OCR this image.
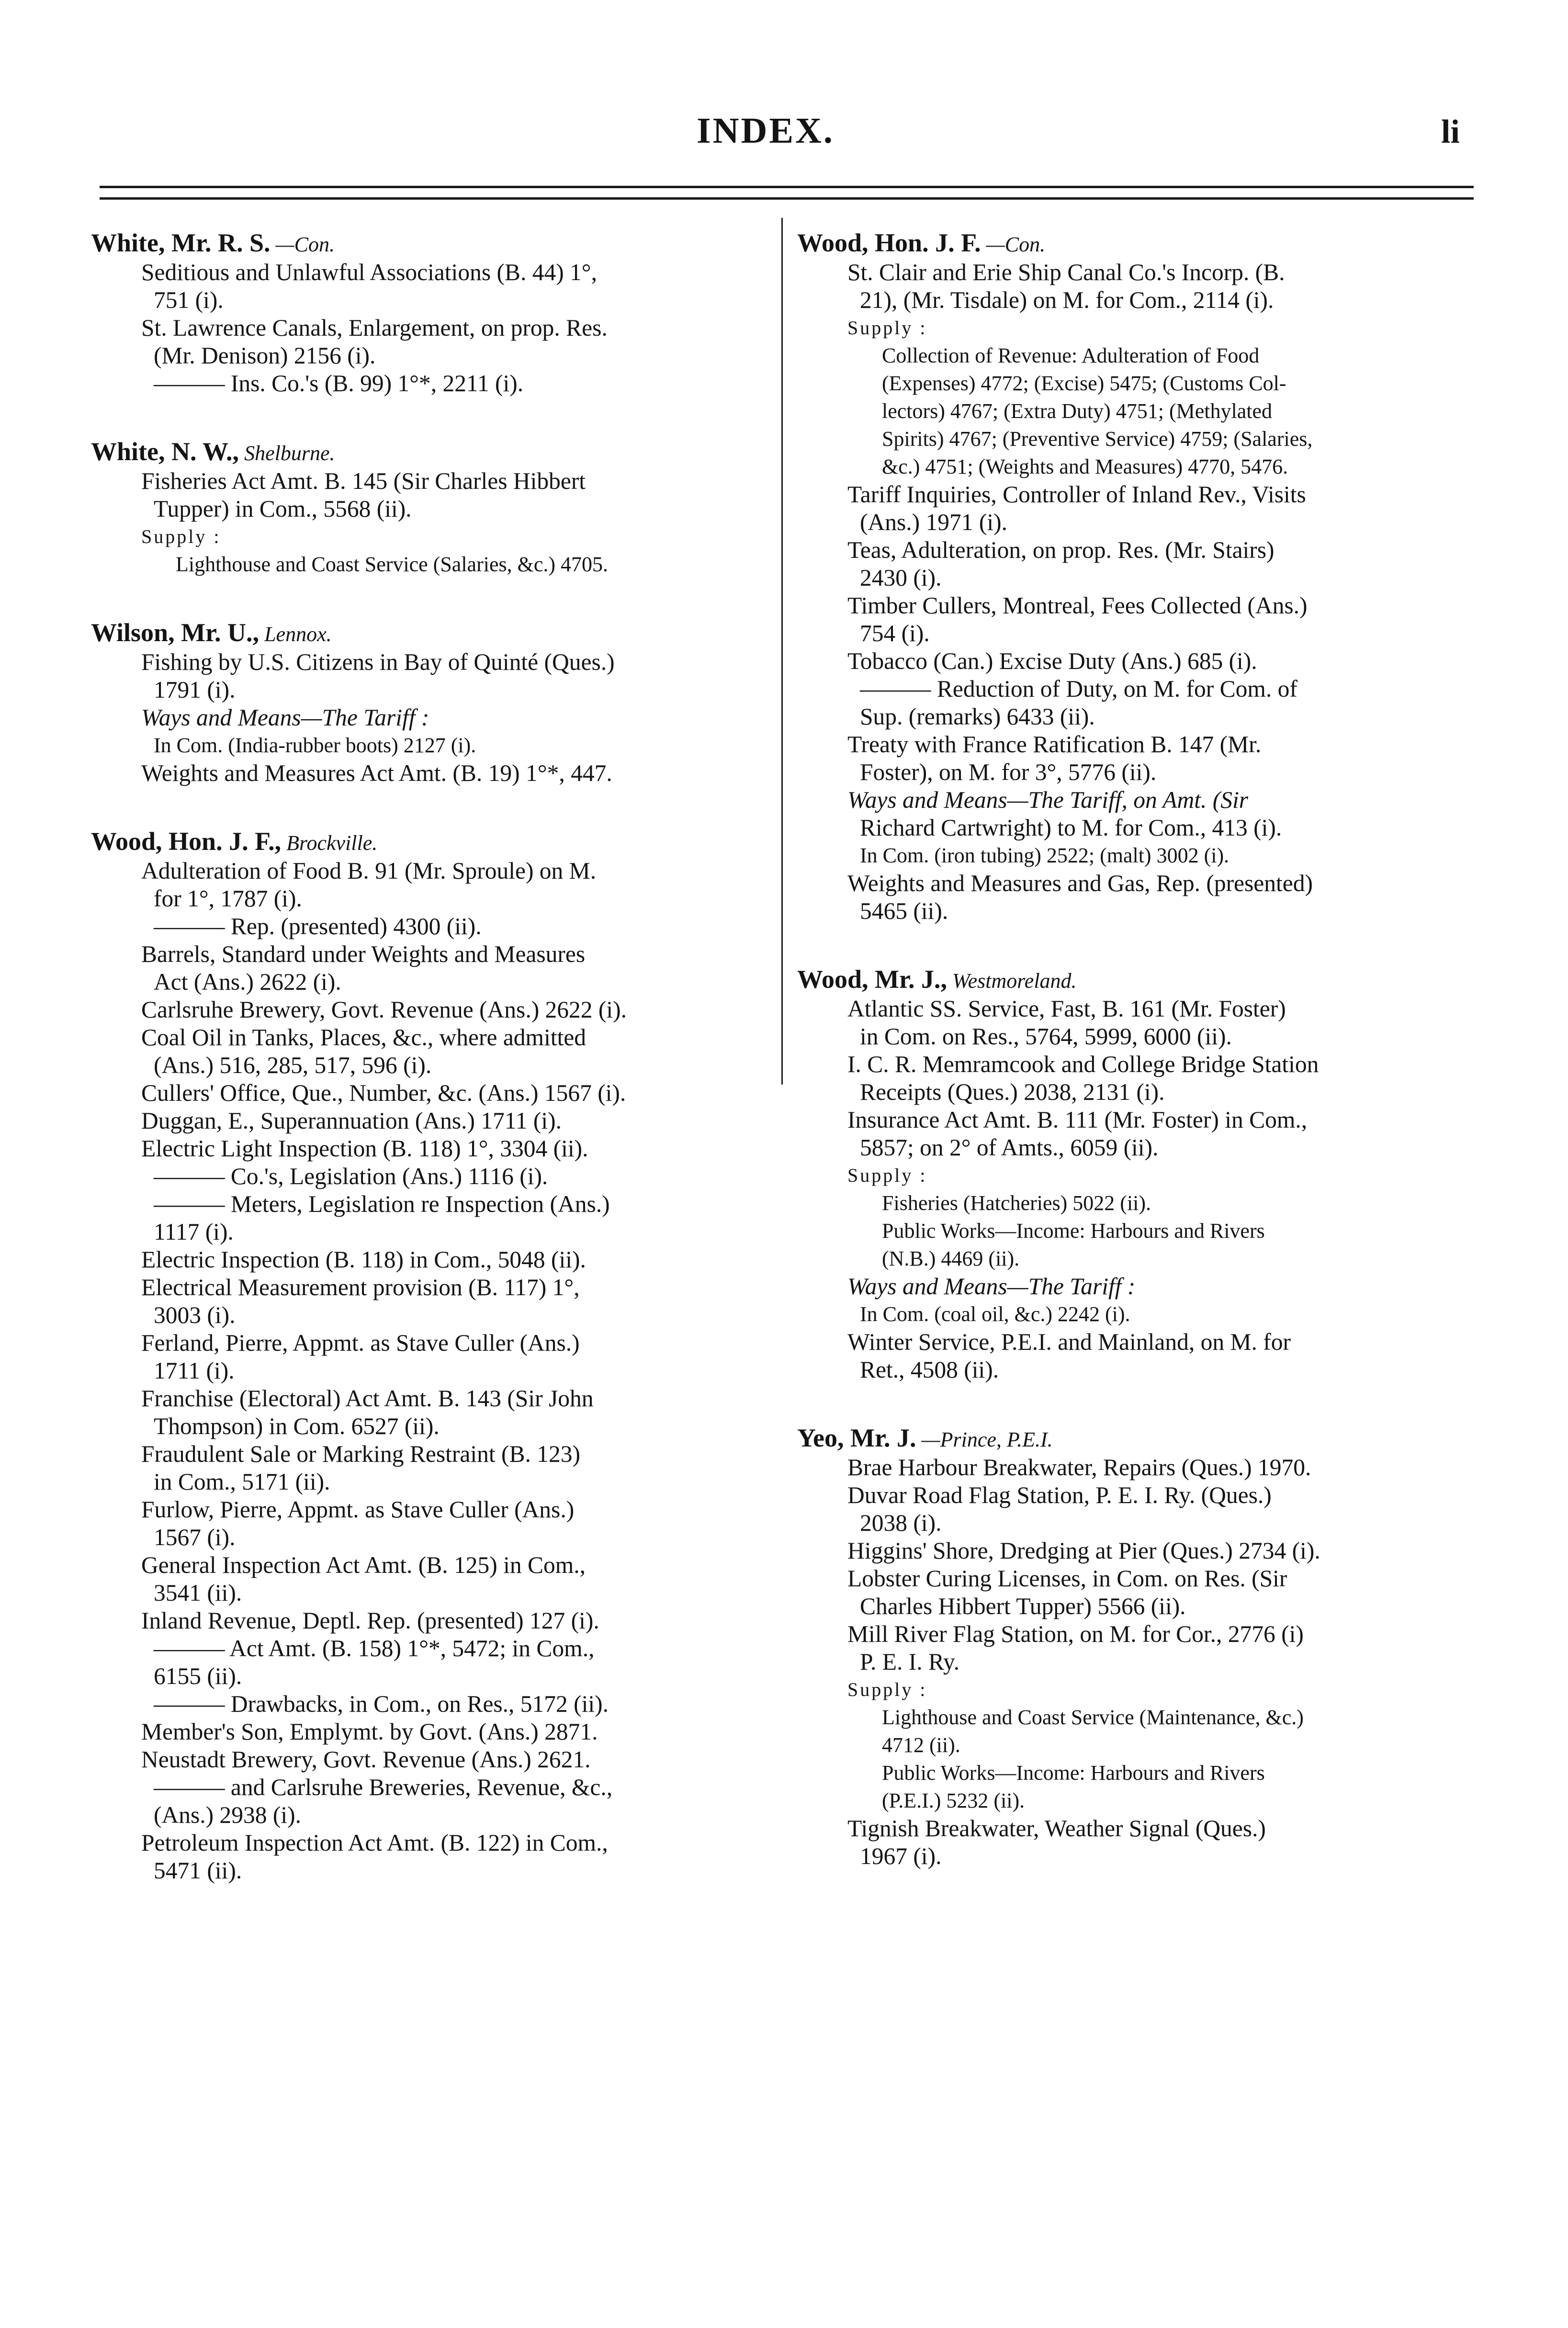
INDEX.	li
White, Mr. R. S. —Con.
Seditious and Unlawful Associations (B. 44) 1°,
751 (i).
St. Lawrence Canals, Enlargement, on prop. Res.
(Mr. Denison) 2156 (i).
——— Ins. Co.'s (B. 99) 1°*, 2211 (i).
White, N. W., Shelburne.
Fisheries Act Amt. B. 145 (Sir Charles Hibbert
Tupper) in Com., 5568 (ii).
Supply :
Lighthouse and Coast Service (Salaries, &c.) 4705.
Wilson, Mr. U., Lennox.
Fishing by U.S. Citizens in Bay of Quinté (Ques.)
1791 (i).
Ways and Means—The Tariff :
In Com. (India-rubber boots) 2127 (i).
Weights and Measures Act Amt. (B. 19) 1°*, 447.
Wood, Hon. J. F., Brockville.
Adulteration of Food B. 91 (Mr. Sproule) on M.
for 1°, 1787 (i).
——— Rep. (presented) 4300 (ii).
Barrels, Standard under Weights and Measures
Act (Ans.) 2622 (i).
Carlsruhe Brewery, Govt. Revenue (Ans.) 2622 (i).
Coal Oil in Tanks, Places, &c., where admitted
(Ans.) 516, 285, 517, 596 (i).
Cullers' Office, Que., Number, &c. (Ans.) 1567 (i).
Duggan, E., Superannuation (Ans.) 1711 (i).
Electric Light Inspection (B. 118) 1°, 3304 (ii).
——— Co.'s, Legislation (Ans.) 1116 (i).
——— Meters, Legislation re Inspection (Ans.)
1117 (i).
Electric Inspection (B. 118) in Com., 5048 (ii).
Electrical Measurement provision (B. 117) 1°,
3003 (i).
Ferland, Pierre, Appmt. as Stave Culler (Ans.)
1711 (i).
Franchise (Electoral) Act Amt. B. 143 (Sir John
Thompson) in Com. 6527 (ii).
Fraudulent Sale or Marking Restraint (B. 123)
in Com., 5171 (ii).
Furlow, Pierre, Appmt. as Stave Culler (Ans.)
1567 (i).
General Inspection Act Amt. (B. 125) in Com.,
3541 (ii).
Inland Revenue, Deptl. Rep. (presented) 127 (i).
——— Act Amt. (B. 158) 1°*, 5472; in Com.,
6155 (ii).
——— Drawbacks, in Com., on Res., 5172 (ii).
Member's Son, Emplymt. by Govt. (Ans.) 2871.
Neustadt Brewery, Govt. Revenue (Ans.) 2621.
——— and Carlsruhe Breweries, Revenue, &c.,
(Ans.) 2938 (i).
Petroleum Inspection Act Amt. (B. 122) in Com.,
5471 (ii).
Wood, Hon. J. F. —Con.
St. Clair and Erie Ship Canal Co.'s Incorp. (B.
21), (Mr. Tisdale) on M. for Com., 2114 (i).
Supply :
Collection of Revenue: Adulteration of Food
(Expenses) 4772; (Excise) 5475; (Customs Col-
lectors) 4767; (Extra Duty) 4751; (Methylated
Spirits) 4767; (Preventive Service) 4759; (Salaries,
&c.) 4751; (Weights and Measures) 4770, 5476.
Tariff Inquiries, Controller of Inland Rev., Visits
(Ans.) 1971 (i).
Teas, Adulteration, on prop. Res. (Mr. Stairs)
2430 (i).
Timber Cullers, Montreal, Fees Collected (Ans.)
754 (i).
Tobacco (Can.) Excise Duty (Ans.) 685 (i).
——— Reduction of Duty, on M. for Com. of
Sup. (remarks) 6433 (ii).
Treaty with France Ratification B. 147 (Mr.
Foster), on M. for 3°, 5776 (ii).
Ways and Means—The Tariff, on Amt. (Sir
Richard Cartwright) to M. for Com., 413 (i).
In Com. (iron tubing) 2522; (malt) 3002 (i).
Weights and Measures and Gas, Rep. (presented)
5465 (ii).
Wood, Mr. J., Westmoreland.
Atlantic SS. Service, Fast, B. 161 (Mr. Foster)
in Com. on Res., 5764, 5999, 6000 (ii).
I. C. R. Memramcook and College Bridge Station
Receipts (Ques.) 2038, 2131 (i).
Insurance Act Amt. B. 111 (Mr. Foster) in Com.,
5857; on 2° of Amts., 6059 (ii).
Supply :
Fisheries (Hatcheries) 5022 (ii).
Public Works—Income: Harbours and Rivers
(N.B.) 4469 (ii).
Ways and Means—The Tariff :
In Com. (coal oil, &c.) 2242 (i).
Winter Service, P.E.I. and Mainland, on M. for
Ret., 4508 (ii).
Yeo, Mr. J. —Prince, P.E.I.
Brae Harbour Breakwater, Repairs (Ques.) 1970.
Duvar Road Flag Station, P. E. I. Ry. (Ques.)
2038 (i).
Higgins' Shore, Dredging at Pier (Ques.) 2734 (i).
Lobster Curing Licenses, in Com. on Res. (Sir
Charles Hibbert Tupper) 5566 (ii).
Mill River Flag Station, on M. for Cor., 2776 (i)
P. E. I. Ry.
Supply :
Lighthouse and Coast Service (Maintenance, &c.)
4712 (ii).
Public Works—Income: Harbours and Rivers
(P.E.I.) 5232 (ii).
Tignish Breakwater, Weather Signal (Ques.)
1967 (i).
